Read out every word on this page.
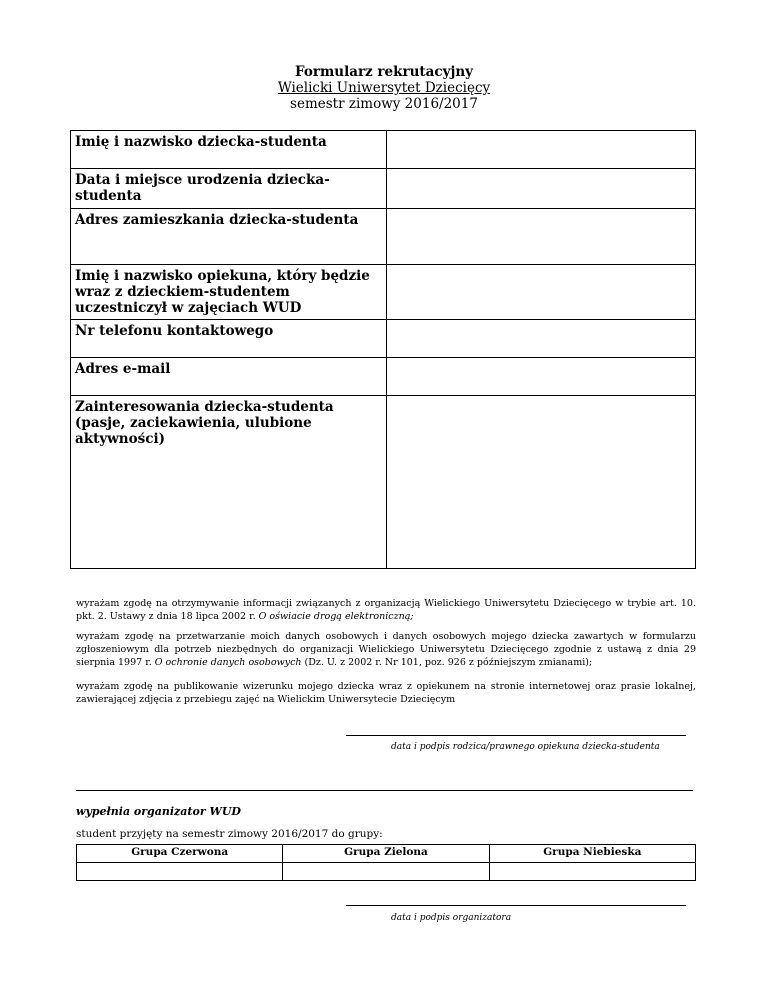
Formularz rekrutacyjny
Wielicki Uniwersytet Dziecięcy
semestr zimowy 2016/2017
Imię i nazwisko dziecka-studenta	
Data i miejsce urodzenia dziecka-studenta	
Adres zamieszkania dziecka-studenta	
Imię i nazwisko opiekuna, który będzie wraz z dzieckiem-studentem uczestniczył w zajęciach WUD	
Nr telefonu kontaktowego	
Adres e-mail	
Zainteresowania dziecka-studenta (pasje, zaciekawienia, ulubione aktywności)	
wyrażam zgodę na otrzymywanie informacji związanych z organizacją Wielickiego Uniwersytetu Dziecięcego w trybie art. 10. pkt. 2. Ustawy z dnia 18 lipca 2002 r. O oświacie drogą elektroniczną;
wyrażam zgodę na przetwarzanie moich danych osobowych i danych osobowych mojego dziecka zawartych w formularzu zgłoszeniowym dla potrzeb niezbędnych do organizacji Wielickiego Uniwersytetu Dziecięcego zgodnie z ustawą z dnia 29 sierpnia 1997 r. O ochronie danych osobowych (Dz. U. z 2002 r. Nr 101, poz. 926 z późniejszym zmianami);
wyrażam zgodę na publikowanie wizerunku mojego dziecka wraz z opiekunem na stronie internetowej oraz prasie lokalnej, zawierającej zdjęcia z przebiegu zajęć na Wielickim Uniwersytecie Dziecięcym
data i podpis rodzica/prawnego opiekuna dziecka-studenta
wypełnia organizator WUD
student przyjęty na semestr zimowy 2016/2017 do grupy:
Grupa Czerwona	Grupa Zielona	Grupa Niebieska

data i podpis organizatora
